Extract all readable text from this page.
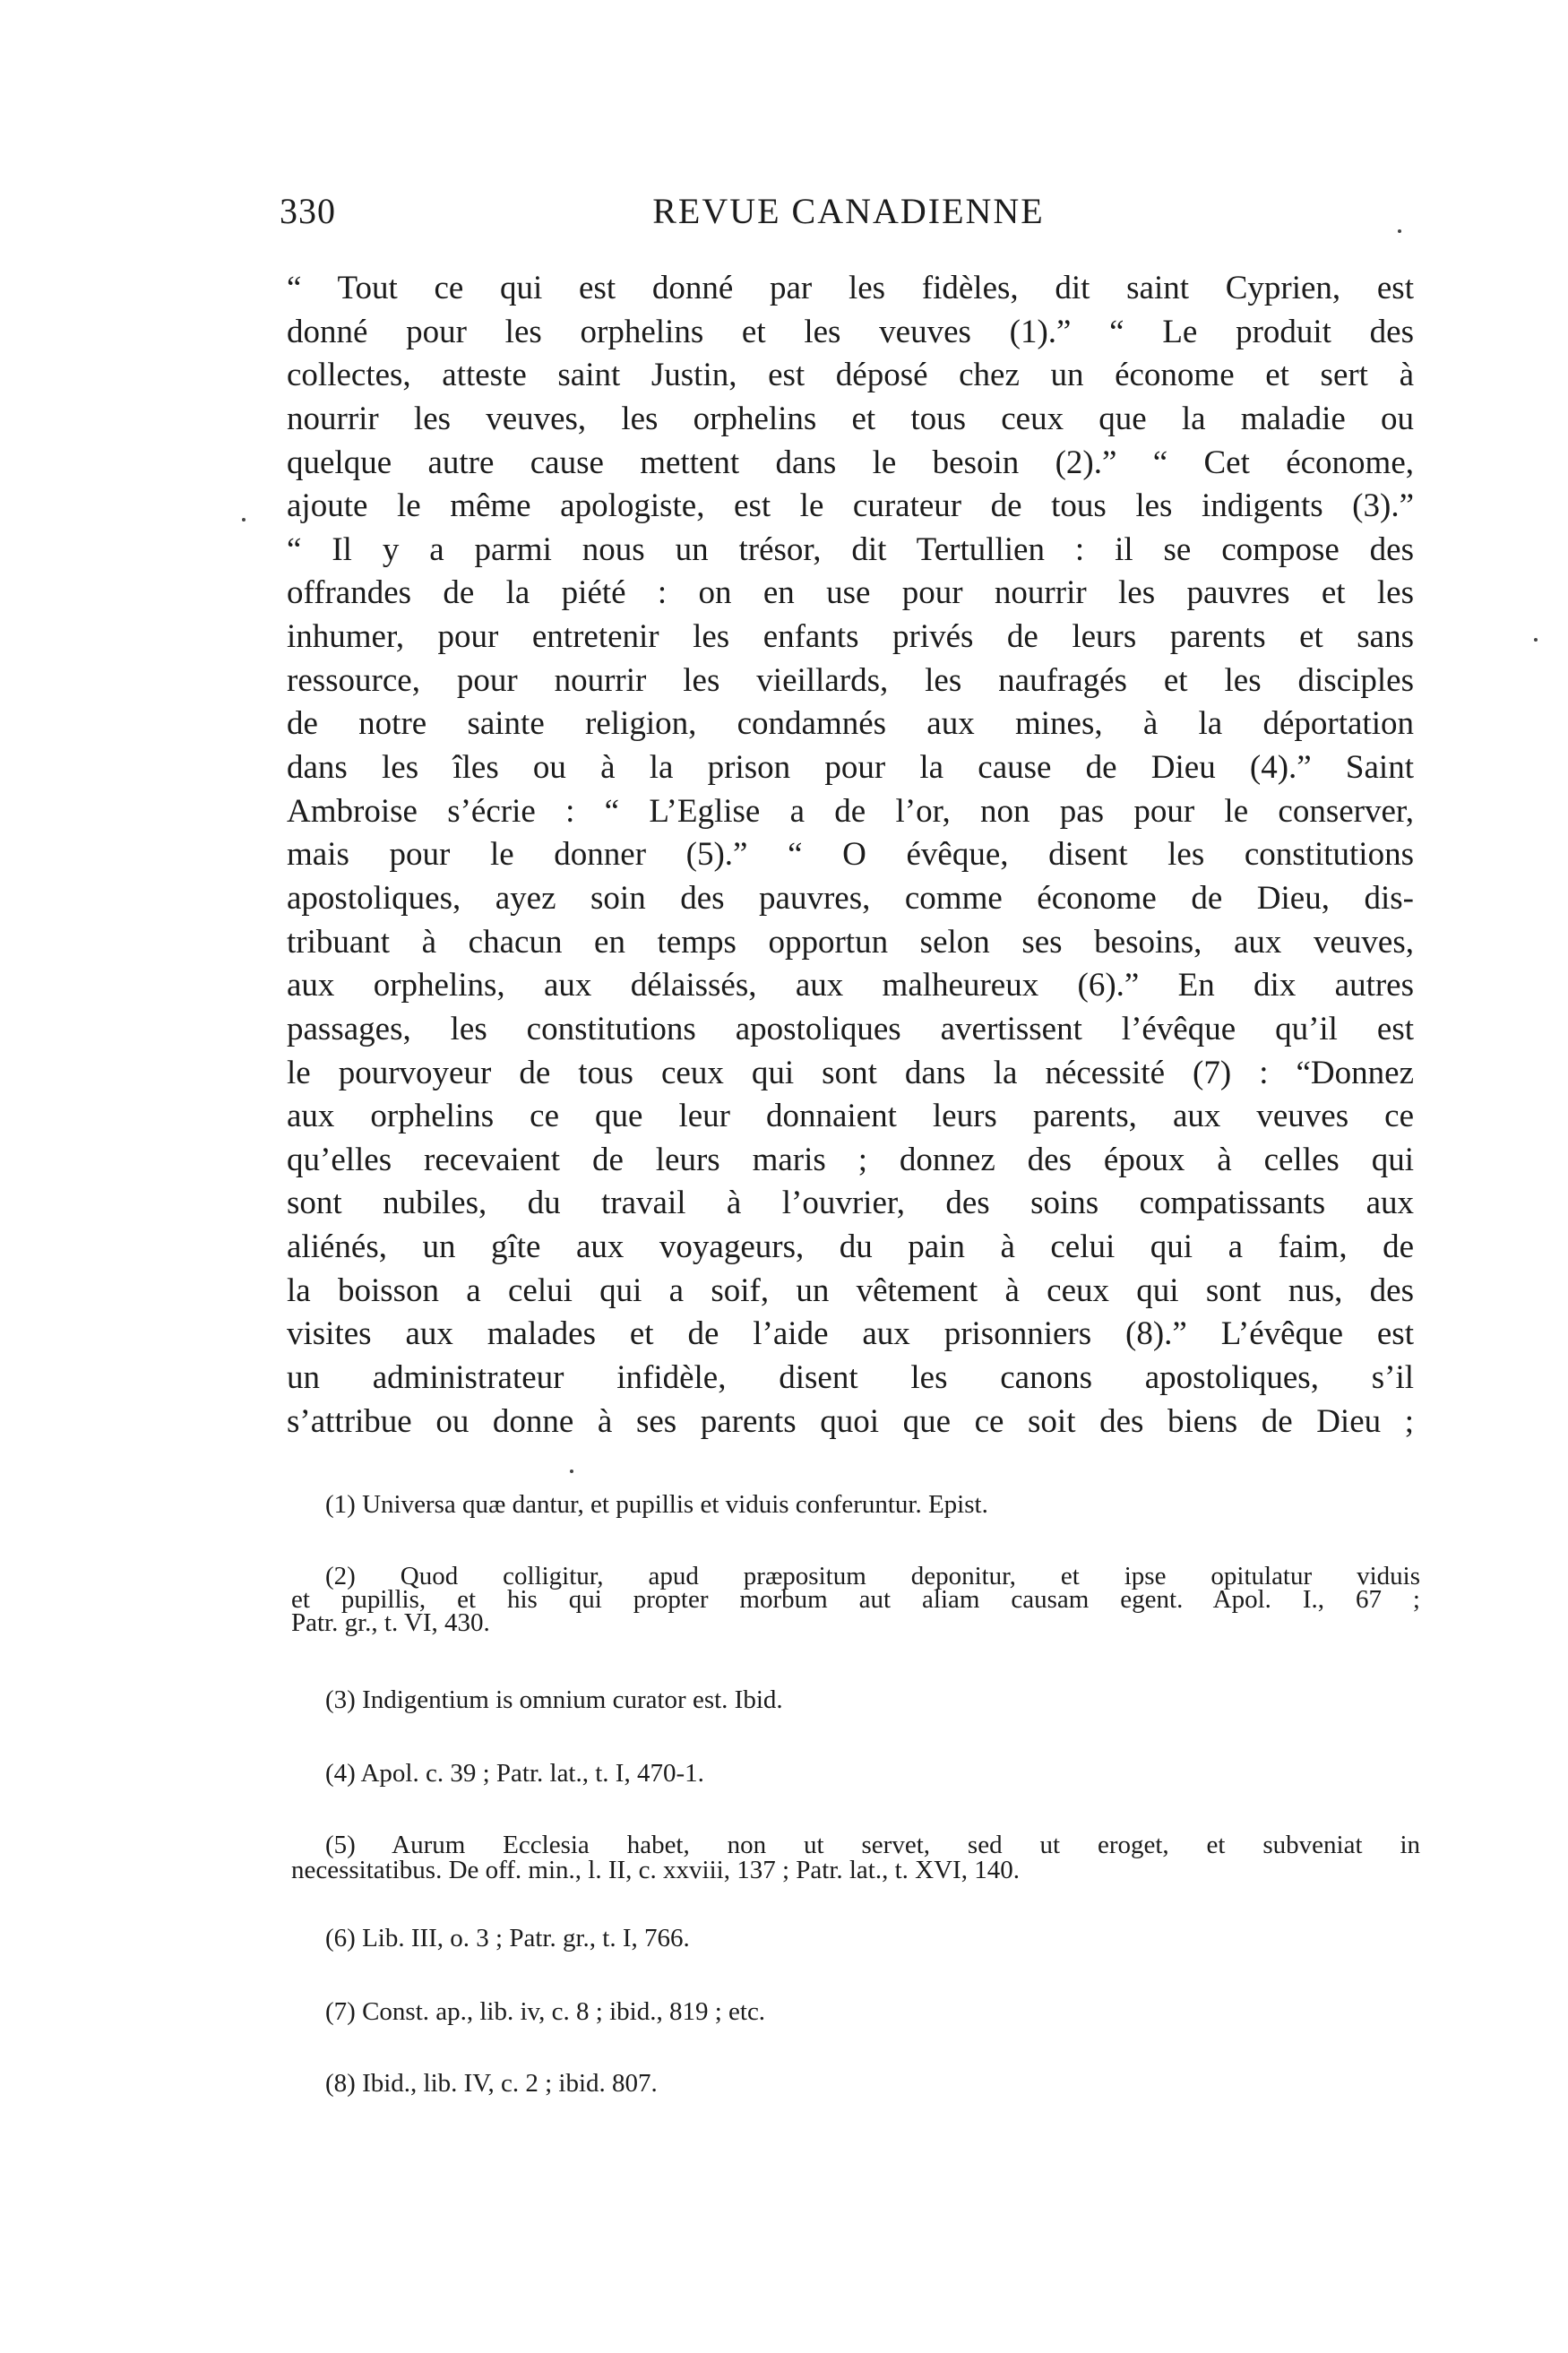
330	REVUE CANADIENNE
“ Tout ce qui est donné par les fidèles, dit saint Cyprien, est
donné pour les orphelins et les veuves (1).” “ Le produit des
collectes, atteste saint Justin, est déposé chez un économe et sert à
nourrir les veuves, les orphelins et tous ceux que la maladie ou
quelque autre cause mettent dans le besoin (2).” “ Cet économe,
ajoute le même apologiste, est le curateur de tous les indigents (3).”
“ Il y a parmi nous un trésor, dit Tertullien : il se compose des
offrandes de la piété : on en use pour nourrir les pauvres et les
inhumer, pour entretenir les enfants privés de leurs parents et sans
ressource, pour nourrir les vieillards, les naufragés et les disciples
de notre sainte religion, condamnés aux mines, à la déportation
dans les îles ou à la prison pour la cause de Dieu (4).” Saint
Ambroise s’écrie : “ L’Eglise a de l’or, non pas pour le conserver,
mais pour le donner (5).” “ O évêque, disent les constitutions
apostoliques, ayez soin des pauvres, comme économe de Dieu, dis-
tribuant à chacun en temps opportun selon ses besoins, aux veuves,
aux orphelins, aux délaissés, aux malheureux (6).” En dix autres
passages, les constitutions apostoliques avertissent l’évêque qu’il est
le pourvoyeur de tous ceux qui sont dans la nécessité (7) : “Donnez
aux orphelins ce que leur donnaient leurs parents, aux veuves ce
qu’elles recevaient de leurs maris ; donnez des époux à celles qui
sont nubiles, du travail à l’ouvrier, des soins compatissants aux
aliénés, un gîte aux voyageurs, du pain à celui qui a faim, de
la boisson a celui qui a soif, un vêtement à ceux qui sont nus, des
visites aux malades et de l’aide aux prisonniers (8).” L’évêque est
un administrateur infidèle, disent les canons apostoliques, s’il
s’attribue ou donne à ses parents quoi que ce soit des biens de Dieu ;
(1) Universa quæ dantur, et pupillis et viduis conferuntur. Epist.
(2) Quod colligitur, apud præpositum deponitur, et ipse opitulatur viduis
et pupillis, et his qui propter morbum aut aliam causam egent. Apol. I., 67 ;
Patr. gr., t. VI, 430.
(3) Indigentium is omnium curator est. Ibid.
(4) Apol. c. 39 ; Patr. lat., t. I, 470-1.
(5) Aurum Ecclesia habet, non ut servet, sed ut eroget, et subveniat in
necessitatibus. De off. min., l. II, c. xxviii, 137 ; Patr. lat., t. XVI, 140.
(6) Lib. III, o. 3 ; Patr. gr., t. I, 766.
(7) Const. ap., lib. iv, c. 8 ; ibid., 819 ; etc.
(8) Ibid., lib. IV, c. 2 ; ibid. 807.
